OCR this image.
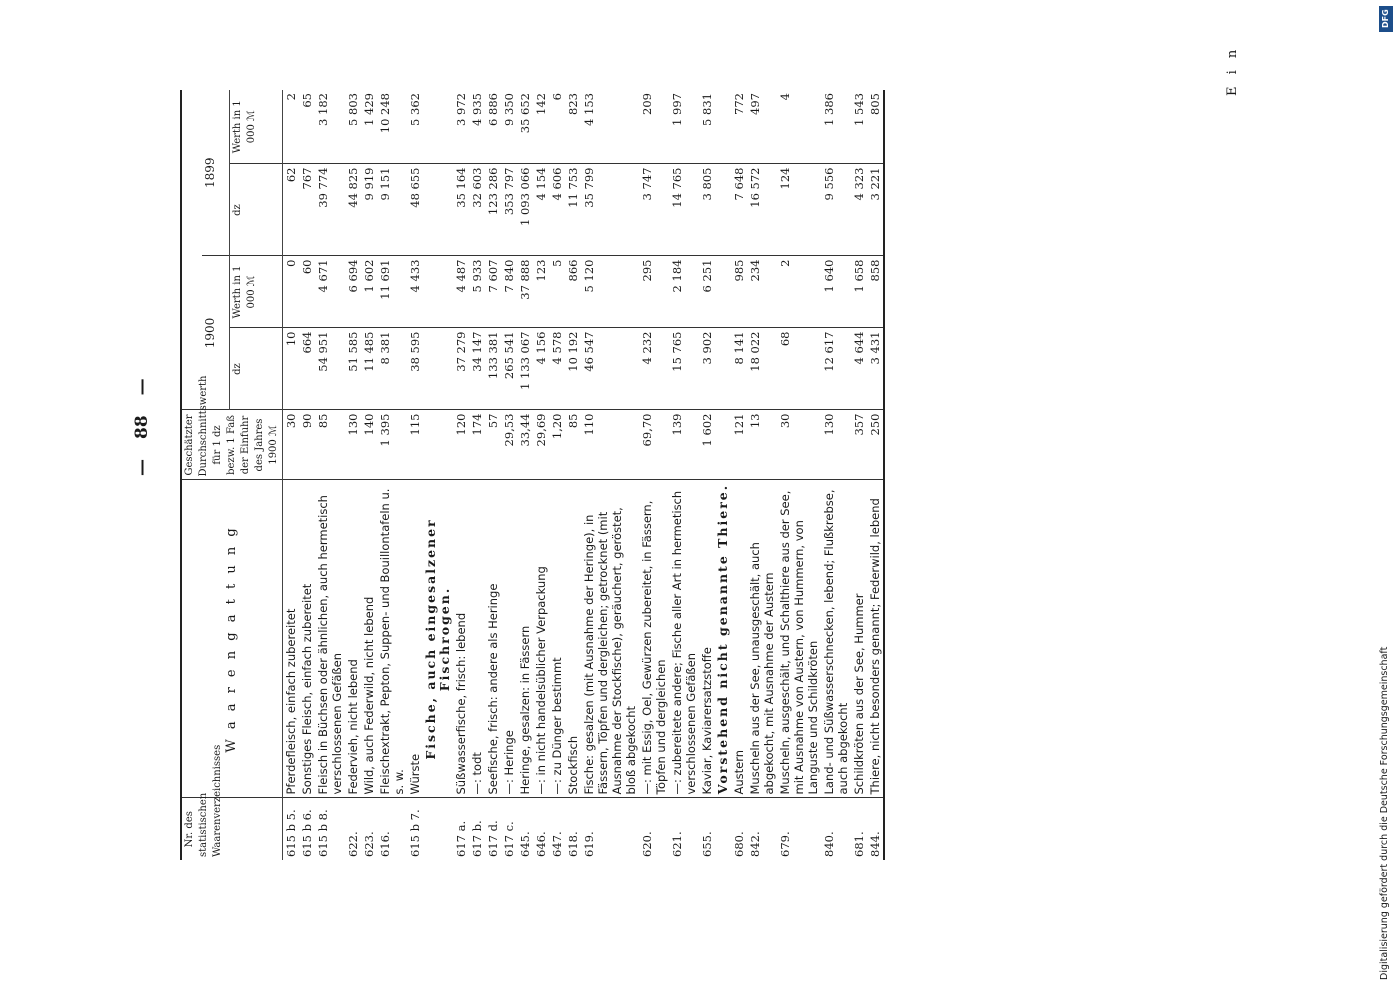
—88—
E i n
Nr. des statistischen Waarenverzeichnisses	W a a r e n g a t t u n g	Geschätzter Durchschnittswerth für 1 dz bezw. 1 Faß der Einfuhr des Jahres 1900 ℳ				
			1900		1899	
			dz	Werth in 1 000 ℳ	dz	Werth in 1 000 ℳ
615 b 5.	Pferdefleisch, einfach zubereitet	30	10	0	62	2
615 b 6.	Sonstiges Fleisch, einfach zubereitet	90	664	60	767	65
615 b 8.	Fleisch in Büchsen oder ähnlichen, auch hermetisch verschlossenen Gefäßen	85	54 951	4 671	39 774	3 182
622.	Federvieh, nicht lebend	130	51 585	6 694	44 825	5 803
623.	Wild, auch Federwild, nicht lebend	140	11 485	1 602	9 919	1 429
616.	Fleischextrakt, Pepton, Suppen- und Bouillontafeln u. s. w.	1 395	8 381	11 691	9 151	10 248
615 b 7.	Würste	115	38 595	4 433	48 655	5 362
	Fische, auch eingesalzener Fischrogen.					
617 a.	Süßwasserfische, frisch: lebend	120	37 279	4 487	35 164	3 972
617 b.	—: todt	174	34 147	5 933	32 603	4 935
617 d.	Seefische, frisch: andere als Heringe	57	133 381	7 607	123 286	6 886
617 c.	—: Heringe	29,53	265 541	7 840	353 797	9 350
645.	Heringe, gesalzen: in Fässern	33,44	1 133 067	37 888	1 093 066	35 652
646.	—: in nicht handelsüblicher Verpackung	29,69	4 156	123	4 154	142
647.	—: zu Dünger bestimmt	1,20	4 578	5	4 606	6
618.	Stockfisch	85	10 192	866	11 753	823
619.	Fische: gesalzen (mit Ausnahme der Heringe), in Fässern, Töpfen und dergleichen; getrocknet (mit Ausnahme der Stockfische), geräuchert, geröstet, bloß abgekocht	110	46 547	5 120	35 799	4 153
620.	—: mit Essig, Oel, Gewürzen zubereitet, in Fässern, Töpfen und dergleichen	69,70	4 232	295	3 747	209
621.	—: zubereitete andere; Fische aller Art in hermetisch verschlossenen Gefäßen	139	15 765	2 184	14 765	1 997
655.	Kaviar, Kaviarersatzstoffe	1 602	3 902	6 251	3 805	5 831
	Vorstehend nicht genannte Thiere.					
680.	Austern	121	8 141	985	7 648	772
842.	Muscheln aus der See, unausgeschält, auch abgekocht, mit Ausnahme der Austern	13	18 022	234	16 572	497
679.	Muscheln, ausgeschält, und Schalthiere aus der See, mit Ausnahme von Austern, von Hummern, von Languste und Schildkröten	30	68	2	124	4
840.	Land- und Süßwasserschnecken, lebend; Flußkrebse, auch abgekocht	130	12 617	1 640	9 556	1 386
681.	Schildkröten aus der See, Hummer	357	4 644	1 658	4 323	1 543
844.	Thiere, nicht besonders genannt; Federwild, lebend	250	3 431	858	3 221	805
DFG
Digitalisierung gefördert durch die Deutsche Forschungsgemeinschaft
